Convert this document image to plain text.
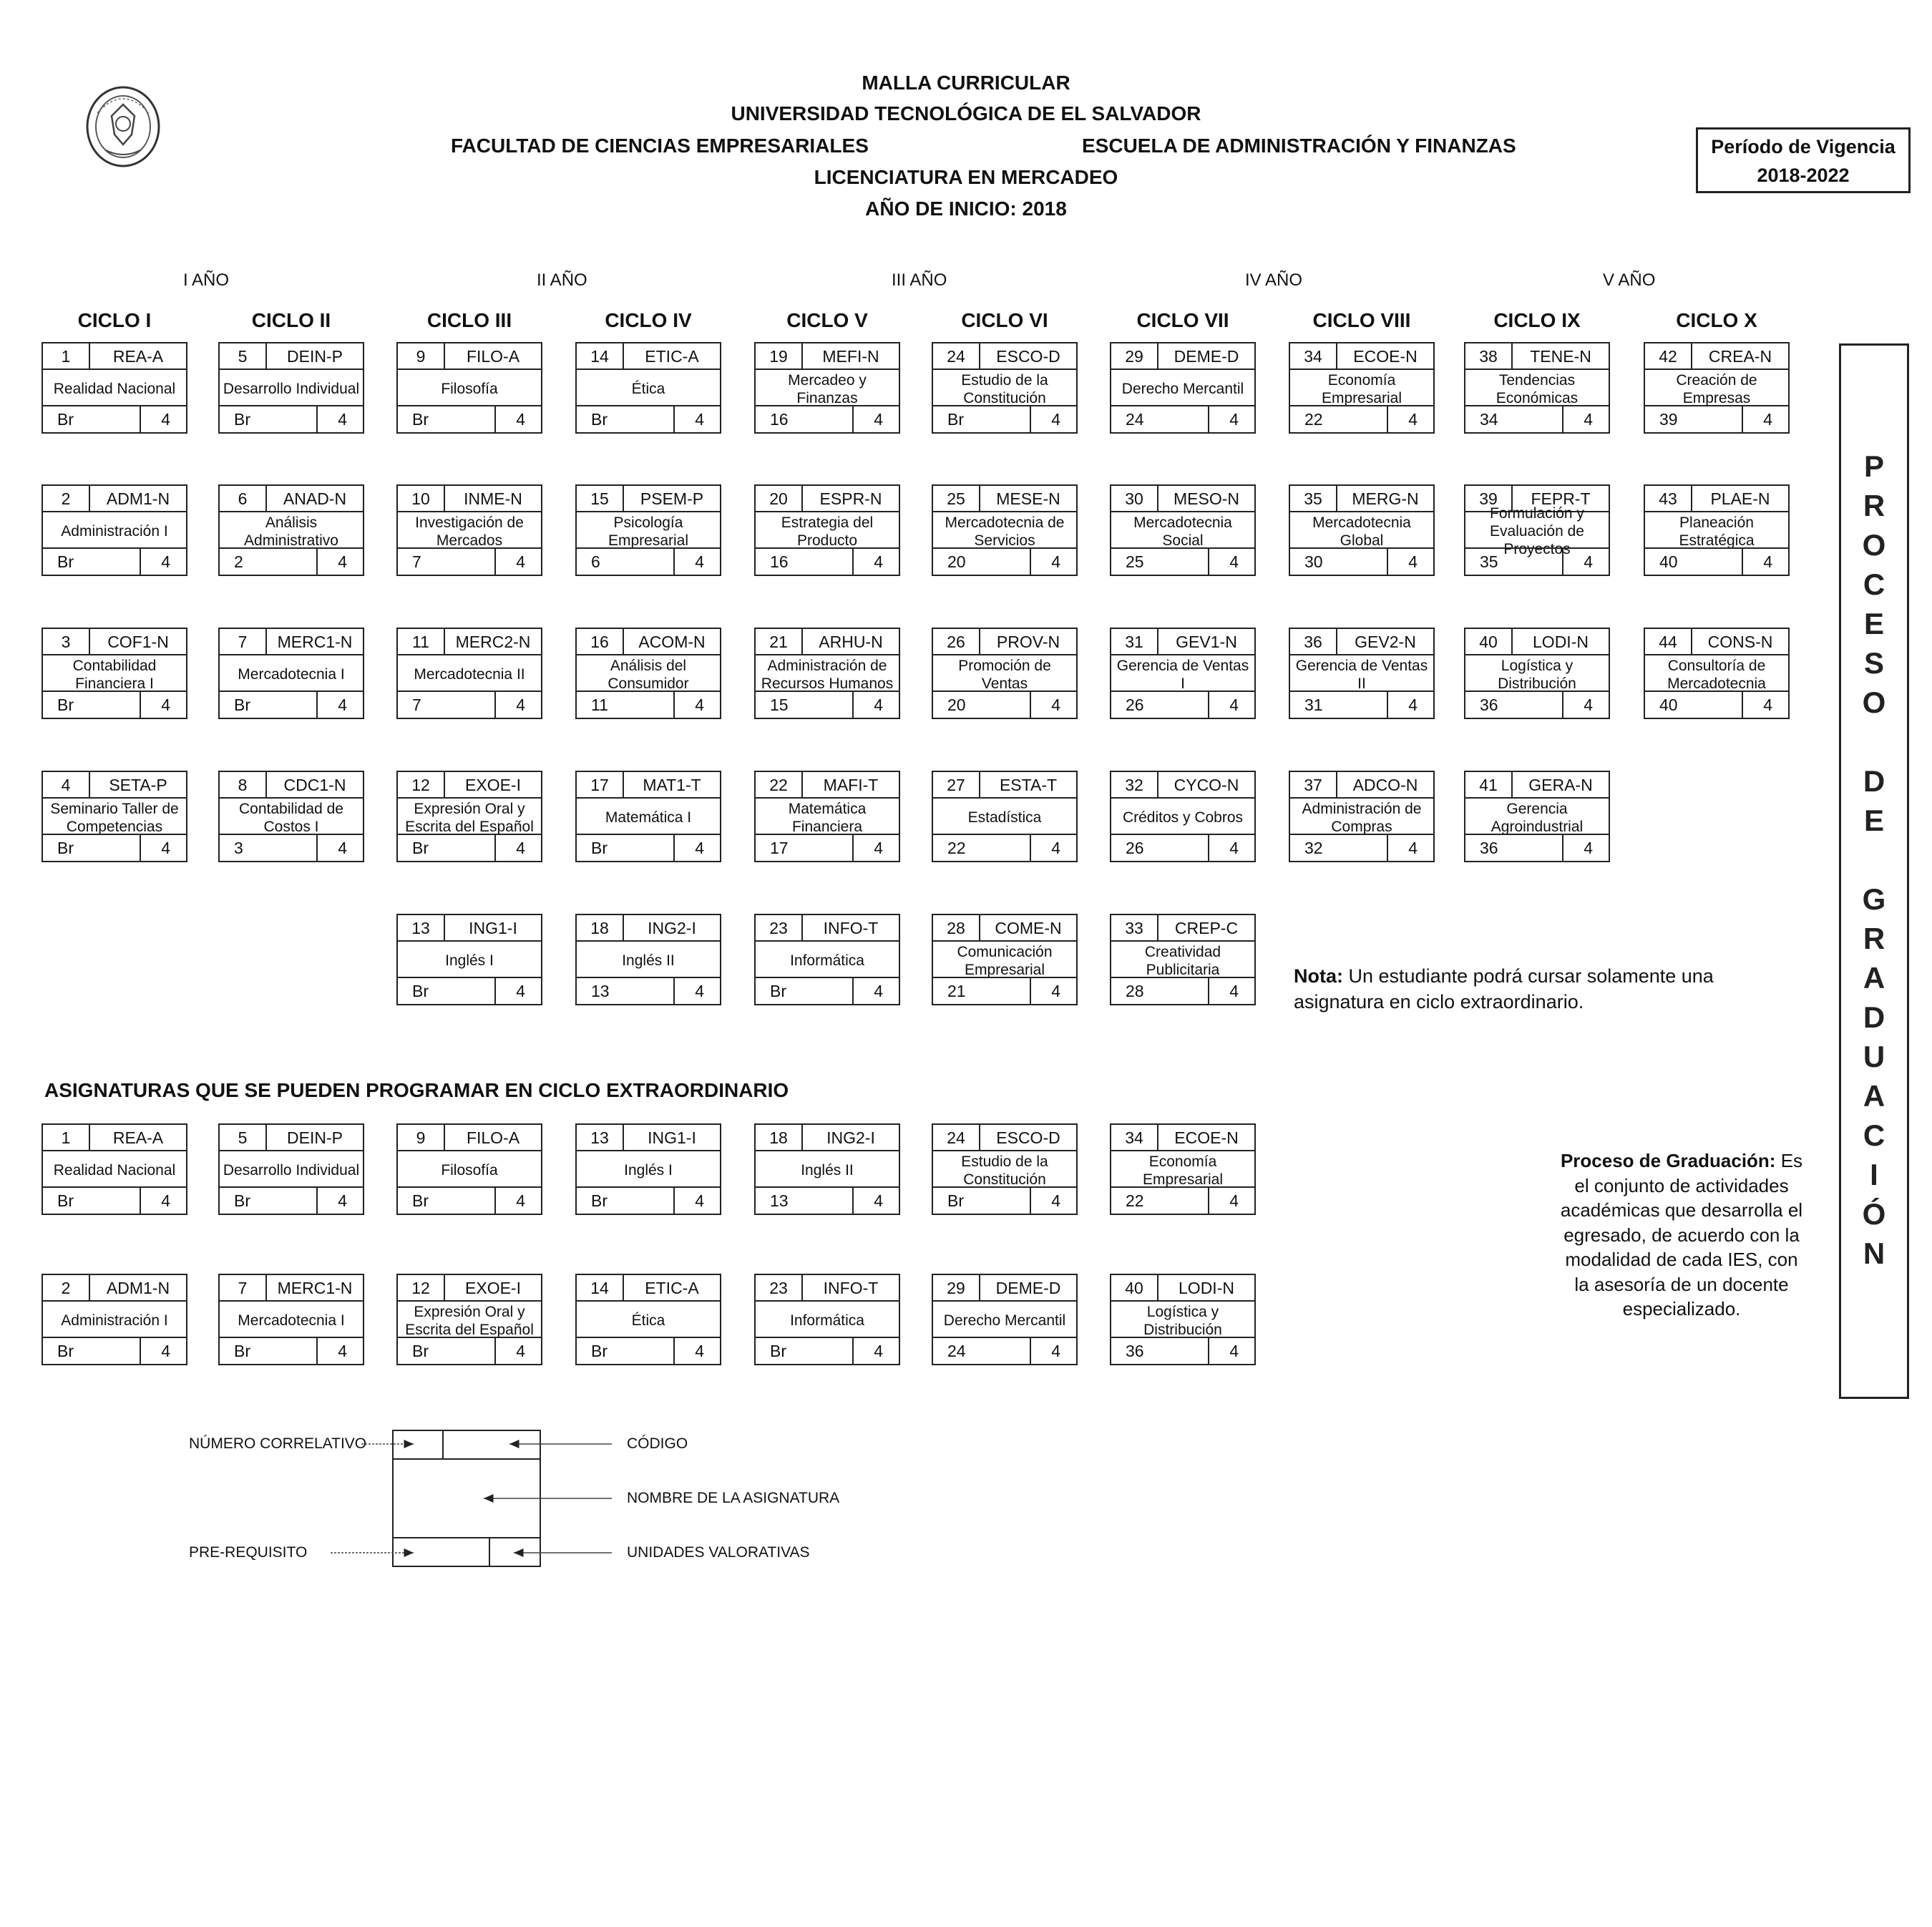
MALLA CURRICULAR
UNIVERSIDAD TECNOLÓGICA DE EL SALVADOR
FACULTAD DE CIENCIAS EMPRESARIALES	ESCUELA DE ADMINISTRACIÓN Y FINANZAS
LICENCIATURA EN MERCADEO
AÑO DE INICIO: 2018
Período de Vigencia
2018-2022
I AÑO	II AÑO	III AÑO	IV AÑO	V AÑO
CICLO I	CICLO II	CICLO III	CICLO IV	CICLO V	CICLO VI	CICLO VII	CICLO VIII	CICLO IX	CICLO X
1	REA-A
Realidad Nacional
Br	4
2	ADM1-N
Administración I
Br	4
3	COF1-N
Contabilidad Financiera I
Br	4
4	SETA-P
Seminario Taller de Competencias
Br	4
5	DEIN-P
Desarrollo Individual
Br	4
6	ANAD-N
Análisis Administrativo
2	4
7	MERC1-N
Mercadotecnia I
Br	4
8	CDC1-N
Contabilidad de Costos I
3	4
9	FILO-A
Filosofía
Br	4
10	INME-N
Investigación de Mercados
7	4
11	MERC2-N
Mercadotecnia II
7	4
12	EXOE-I
Expresión Oral y Escrita del Español
Br	4
13	ING1-I
Inglés I
Br	4
14	ETIC-A
Ética
Br	4
15	PSEM-P
Psicología Empresarial
6	4
16	ACOM-N
Análisis del Consumidor
11	4
17	MAT1-T
Matemática I
Br	4
18	ING2-I
Inglés II
13	4
19	MEFI-N
Mercadeo y Finanzas
16	4
20	ESPR-N
Estrategia del Producto
16	4
21	ARHU-N
Administración de Recursos Humanos
15	4
22	MAFI-T
Matemática Financiera
17	4
23	INFO-T
Informática
Br	4
24	ESCO-D
Estudio de la Constitución
Br	4
25	MESE-N
Mercadotecnia de Servicios
20	4
26	PROV-N
Promoción de Ventas
20	4
27	ESTA-T
Estadística
22	4
28	COME-N
Comunicación Empresarial
21	4
29	DEME-D
Derecho Mercantil
24	4
30	MESO-N
Mercadotecnia Social
25	4
31	GEV1-N
Gerencia de Ventas I
26	4
32	CYCO-N
Créditos y Cobros
26	4
33	CREP-C
Creatividad Publicitaria
28	4
34	ECOE-N
Economía Empresarial
22	4
35	MERG-N
Mercadotecnia Global
30	4
36	GEV2-N
Gerencia de Ventas II
31	4
37	ADCO-N
Administración de Compras
32	4
38	TENE-N
Tendencias Económicas
34	4
39	FEPR-T
Formulación y Evaluación de Proyectos
35	4
40	LODI-N
Logística y Distribución
36	4
41	GERA-N
Gerencia Agroindustrial
36	4
42	CREA-N
Creación de Empresas
39	4
43	PLAE-N
Planeación Estratégica
40	4
44	CONS-N
Consultoría de Mercadotecnia
40	4
P
R
O
C
E
S
O
D
E
G
R
A
D
U
A
C
I
Ó
N
Nota: Un estudiante podrá cursar solamente una asignatura en ciclo extraordinario.
ASIGNATURAS QUE SE PUEDEN PROGRAMAR EN CICLO EXTRAORDINARIO
1	REA-A
Realidad Nacional
Br	4
5	DEIN-P
Desarrollo Individual
Br	4
9	FILO-A
Filosofía
Br	4
13	ING1-I
Inglés I
Br	4
18	ING2-I
Inglés II
13	4
24	ESCO-D
Estudio de la Constitución
Br	4
34	ECOE-N
Economía Empresarial
22	4
2	ADM1-N
Administración I
Br	4
7	MERC1-N
Mercadotecnia I
Br	4
12	EXOE-I
Expresión Oral y Escrita del Español
Br	4
14	ETIC-A
Ética
Br	4
23	INFO-T
Informática
Br	4
29	DEME-D
Derecho Mercantil
24	4
40	LODI-N
Logística y Distribución
36	4
Proceso de Graduación: Es el conjunto de actividades académicas que desarrolla el egresado, de acuerdo con la modalidad de cada IES, con la asesoría de un docente especializado.
NÚMERO CORRELATIVO	CÓDIGO
NOMBRE DE LA ASIGNATURA
PRE-REQUISITO	UNIDADES VALORATIVAS
